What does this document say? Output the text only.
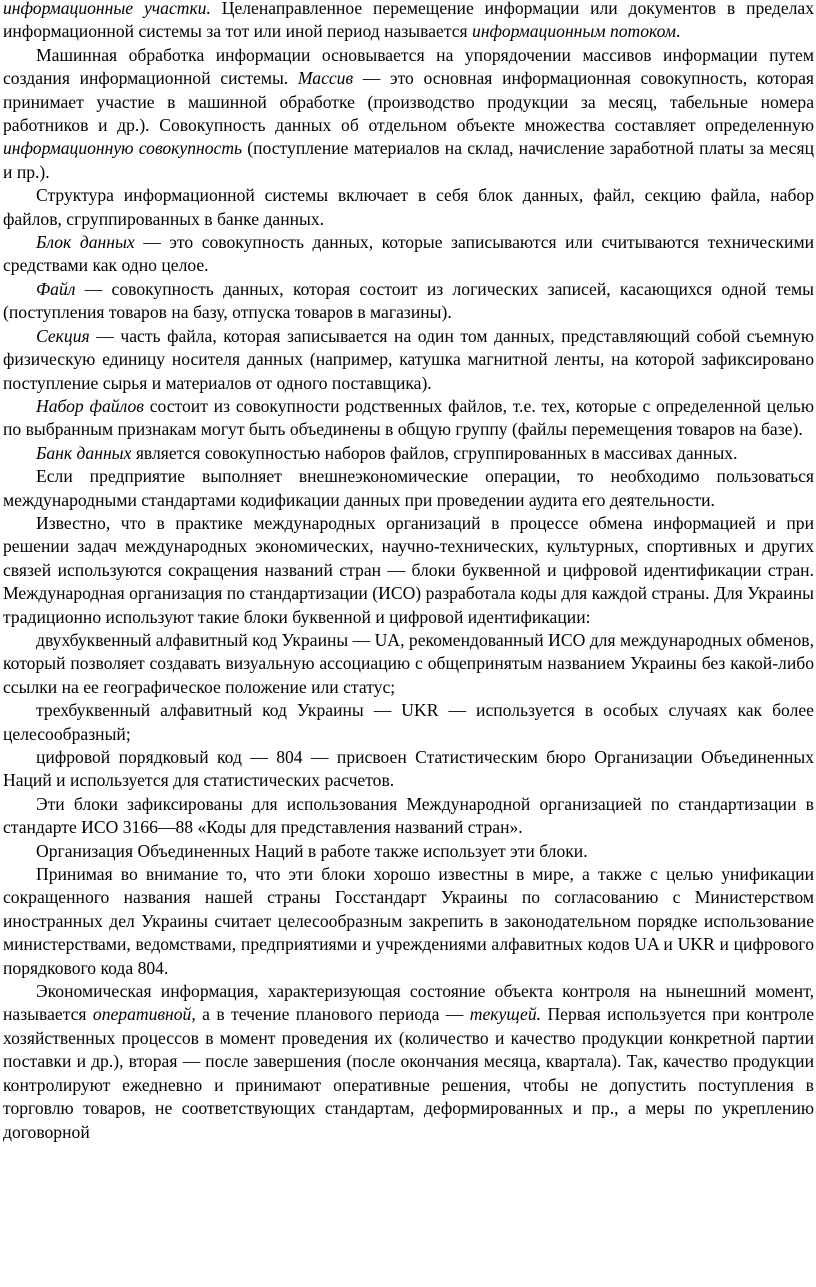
информационные участки. Целенаправленное перемещение информации или документов в пределах информационной системы за тот или иной период называется информационным потоком.

Машинная обработка информации основывается на упорядочении массивов информации путем создания информационной системы. Массив — это основная информационная совокупность, которая принимает участие в машинной обработке (производство продукции за месяц, табельные номера работников и др.). Совокупность данных об отдельном объекте множества составляет определенную информационную совокупность (поступление материалов на склад, начисление заработной платы за месяц и пр.).

Структура информационной системы включает в себя блок данных, файл, секцию файла, набор файлов, сгруппированных в банке данных.

Блок данных — это совокупность данных, которые записываются или считываются техническими средствами как одно целое.

Файл — совокупность данных, которая состоит из логических записей, касающихся одной темы (поступления товаров на базу, отпуска товаров в магазины).

Секция — часть файла, которая записывается на один том данных, представляющий собой съемную физическую единицу носителя данных (например, катушка магнитной ленты, на которой зафиксировано поступление сырья и материалов от одного поставщика).

Набор файлов состоит из совокупности родственных файлов, т.е. тех, которые с определенной целью по выбранным признакам могут быть объединены в общую группу (файлы перемещения товаров на базе).

Банк данных является совокупностью наборов файлов, сгруппированных в массивах данных.

Если предприятие выполняет внешнеэкономические операции, то необходимо пользоваться международными стандартами кодификации данных при проведении аудита его деятельности.

Известно, что в практике международных организаций в процессе обмена информацией и при решении задач международных экономических, научно-технических, культурных, спортивных и других связей используются сокращения названий стран — блоки буквенной и цифровой идентификации стран. Международная организация по стандартизации (ИСО) разработала коды для каждой страны. Для Украины традиционно используют такие блоки буквенной и цифровой идентификации:

двухбуквенный алфавитный код Украины — UA, рекомендованный ИСО для международных обменов, который позволяет создавать визуальную ассоциацию с общепринятым названием Украины без какой-либо ссылки на ее географическое положение или статус;

трехбуквенный алфавитный код Украины — UKR — используется в особых случаях как более целесообразный;

цифровой порядковый код — 804 — присвоен Статистическим бюро Организации Объединенных Наций и используется для статистических расчетов.

Эти блоки зафиксированы для использования Международной организацией по стандартизации в стандарте ИСО 3166—88 «Коды для представления названий стран».

Организация Объединенных Наций в работе также использует эти блоки.

Принимая во внимание то, что эти блоки хорошо известны в мире, а также с целью унификации сокращенного названия нашей страны Госстандарт Украины по согласованию с Министерством иностранных дел Украины считает целесообразным закрепить в законодательном порядке использование министерствами, ведомствами, предприятиями и учреждениями алфавитных кодов UA и UKR и цифрового порядкового кода 804.

Экономическая информация, характеризующая состояние объекта контроля на нынешний момент, называется оперативной, а в течение планового периода — текущей. Первая используется при контроле хозяйственных процессов в момент проведения их (количество и качество продукции конкретной партии поставки и др.), вторая — после завершения (после окончания месяца, квартала). Так, качество продукции контролируют ежедневно и принимают оперативные решения, чтобы не допустить поступления в торговлю товаров, не соответствующих стандартам, деформированных и пр., а меры по укреплению договорной
